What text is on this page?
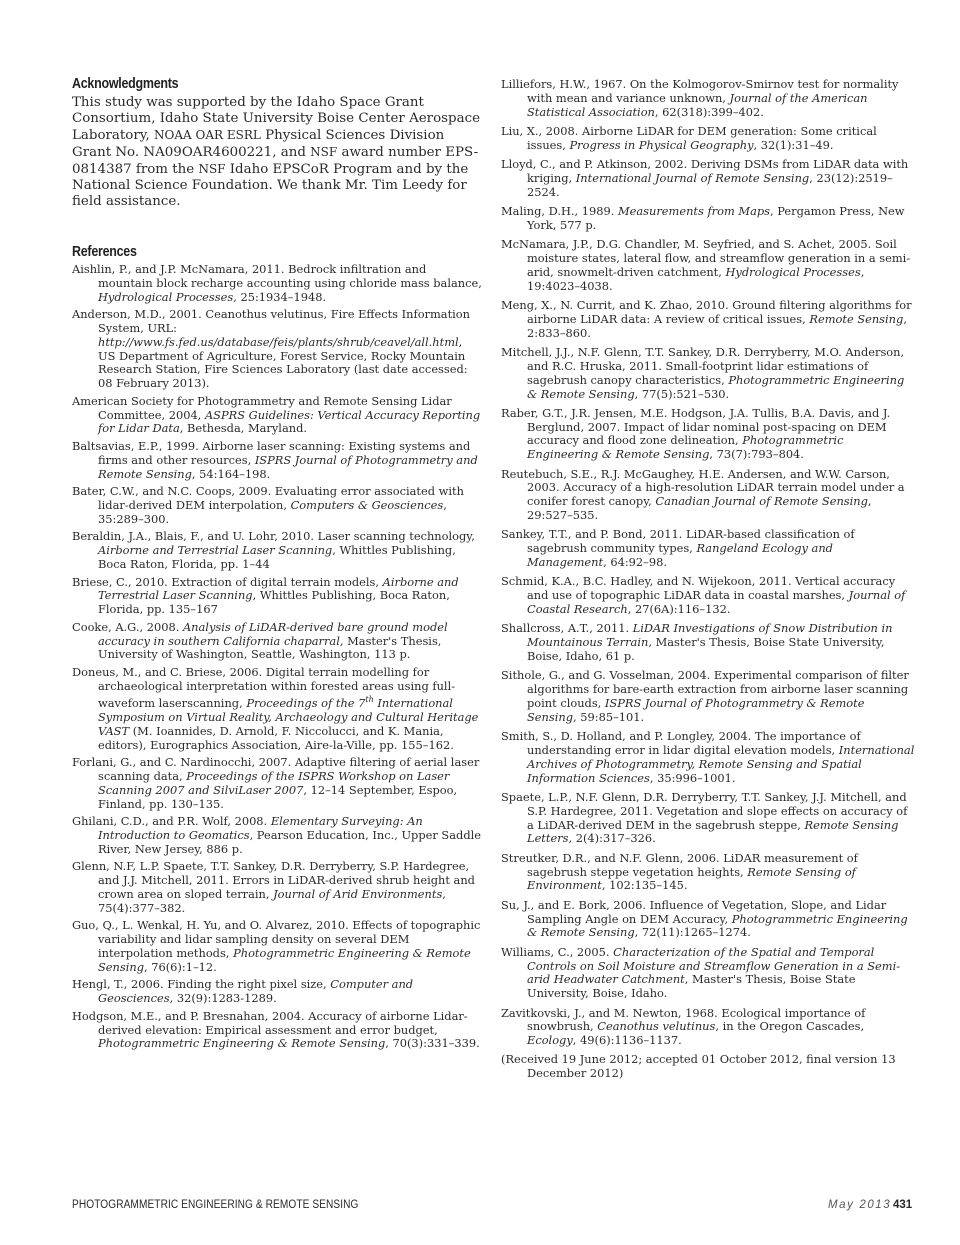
Acknowledgments

This study was supported by the Idaho Space Grant Consortium, Idaho State University Boise Center Aerospace Laboratory, NOAA OAR ESRL Physical Sciences Division Grant No. NA09OAR4600221, and NSF award number EPS-0814387 from the NSF Idaho EPSCoR Program and by the National Science Foundation. We thank Mr. Tim Leedy for field assistance.

References

Aishlin, P., and J.P. McNamara, 2011. Bedrock infiltration and mountain block recharge accounting using chloride mass balance, Hydrological Processes, 25:1934–1948.

Anderson, M.D., 2001. Ceanothus velutinus, Fire Effects Information System, URL: http://www.fs.fed.us/database/feis/plants/shrub/ceavel/all.html, US Department of Agriculture, Forest Service, Rocky Mountain Research Station, Fire Sciences Laboratory (last date accessed: 08 February 2013).

American Society for Photogrammetry and Remote Sensing Lidar Committee, 2004, ASPRS Guidelines: Vertical Accuracy Reporting for Lidar Data, Bethesda, Maryland.

Baltsavias, E.P., 1999. Airborne laser scanning: Existing systems and firms and other resources, ISPRS Journal of Photogrammetry and Remote Sensing, 54:164–198.

Bater, C.W., and N.C. Coops, 2009. Evaluating error associated with lidar-derived DEM interpolation, Computers & Geosciences, 35:289–300.

Beraldin, J.A., Blais, F., and U. Lohr, 2010. Laser scanning technology, Airborne and Terrestrial Laser Scanning, Whittles Publishing, Boca Raton, Florida, pp. 1–44

Briese, C., 2010. Extraction of digital terrain models, Airborne and Terrestrial Laser Scanning, Whittles Publishing, Boca Raton, Florida, pp. 135–167

Cooke, A.G., 2008. Analysis of LiDAR-derived bare ground model accuracy in southern California chaparral, Master's Thesis, University of Washington, Seattle, Washington, 113 p.

Doneus, M., and C. Briese, 2006. Digital terrain modelling for archaeological interpretation within forested areas using full-waveform laserscanning, Proceedings of the 7th International Symposium on Virtual Reality, Archaeology and Cultural Heritage VAST (M. Ioannides, D. Arnold, F. Niccolucci, and K. Mania, editors), Eurographics Association, Aire-la-Ville, pp. 155–162.

Forlani, G., and C. Nardinocchi, 2007. Adaptive filtering of aerial laser scanning data, Proceedings of the ISPRS Workshop on Laser Scanning 2007 and SilviLaser 2007, 12–14 September, Espoo, Finland, pp. 130–135.

Ghilani, C.D., and P.R. Wolf, 2008. Elementary Surveying: An Introduction to Geomatics, Pearson Education, Inc., Upper Saddle River, New Jersey, 886 p.

Glenn, N.F, L.P. Spaete, T.T. Sankey, D.R. Derryberry, S.P. Hardegree, and J.J. Mitchell, 2011. Errors in LiDAR-derived shrub height and crown area on sloped terrain, Journal of Arid Environments, 75(4):377–382.

Guo, Q., L. Wenkal, H. Yu, and O. Alvarez, 2010. Effects of topographic variability and lidar sampling density on several DEM interpolation methods, Photogrammetric Engineering & Remote Sensing, 76(6):1–12.

Hengl, T., 2006. Finding the right pixel size, Computer and Geosciences, 32(9):1283-1289.

Hodgson, M.E., and P. Bresnahan, 2004. Accuracy of airborne Lidar-derived elevation: Empirical assessment and error budget, Photogrammetric Engineering & Remote Sensing, 70(3):331–339.

Lilliefors, H.W., 1967. On the Kolmogorov-Smirnov test for normality with mean and variance unknown, Journal of the American Statistical Association, 62(318):399–402.

Liu, X., 2008. Airborne LiDAR for DEM generation: Some critical issues, Progress in Physical Geography, 32(1):31–49.

Lloyd, C., and P. Atkinson, 2002. Deriving DSMs from LiDAR data with kriging, International Journal of Remote Sensing, 23(12):2519–2524.

Maling, D.H., 1989. Measurements from Maps, Pergamon Press, New York, 577 p.

McNamara, J.P., D.G. Chandler, M. Seyfried, and S. Achet, 2005. Soil moisture states, lateral flow, and streamflow generation in a semi-arid, snowmelt-driven catchment, Hydrological Processes, 19:4023–4038.

Meng, X., N. Currit, and K. Zhao, 2010. Ground filtering algorithms for airborne LiDAR data: A review of critical issues, Remote Sensing, 2:833–860.

Mitchell, J.J., N.F. Glenn, T.T. Sankey, D.R. Derryberry, M.O. Anderson, and R.C. Hruska, 2011. Small-footprint lidar estimations of sagebrush canopy characteristics, Photogrammetric Engineering & Remote Sensing, 77(5):521–530.

Raber, G.T., J.R. Jensen, M.E. Hodgson, J.A. Tullis, B.A. Davis, and J. Berglund, 2007. Impact of lidar nominal post-spacing on DEM accuracy and flood zone delineation, Photogrammetric Engineering & Remote Sensing, 73(7):793–804.

Reutebuch, S.E., R.J. McGaughey, H.E. Andersen, and W.W. Carson, 2003. Accuracy of a high-resolution LiDAR terrain model under a conifer forest canopy, Canadian Journal of Remote Sensing, 29:527–535.

Sankey, T.T., and P. Bond, 2011. LiDAR-based classification of sagebrush community types, Rangeland Ecology and Management, 64:92–98.

Schmid, K.A., B.C. Hadley, and N. Wijekoon, 2011. Vertical accuracy and use of topographic LiDAR data in coastal marshes, Journal of Coastal Research, 27(6A):116–132.

Shallcross, A.T., 2011. LiDAR Investigations of Snow Distribution in Mountainous Terrain, Master's Thesis, Boise State University, Boise, Idaho, 61 p.

Sithole, G., and G. Vosselman, 2004. Experimental comparison of filter algorithms for bare-earth extraction from airborne laser scanning point clouds, ISPRS Journal of Photogrammetry & Remote Sensing, 59:85–101.

Smith, S., D. Holland, and P. Longley, 2004. The importance of understanding error in lidar digital elevation models, International Archives of Photogrammetry, Remote Sensing and Spatial Information Sciences, 35:996–1001.

Spaete, L.P., N.F. Glenn, D.R. Derryberry, T.T. Sankey, J.J. Mitchell, and S.P. Hardegree, 2011. Vegetation and slope effects on accuracy of a LiDAR-derived DEM in the sagebrush steppe, Remote Sensing Letters, 2(4):317–326.

Streutker, D.R., and N.F. Glenn, 2006. LiDAR measurement of sagebrush steppe vegetation heights, Remote Sensing of Environment, 102:135–145.

Su, J., and E. Bork, 2006. Influence of Vegetation, Slope, and Lidar Sampling Angle on DEM Accuracy, Photogrammetric Engineering & Remote Sensing, 72(11):1265–1274.

Williams, C., 2005. Characterization of the Spatial and Temporal Controls on Soil Moisture and Streamflow Generation in a Semi-arid Headwater Catchment, Master's Thesis, Boise State University, Boise, Idaho.

Zavitkovski, J., and M. Newton, 1968. Ecological importance of snowbrush, Ceanothus velutinus, in the Oregon Cascades, Ecology, 49(6):1136–1137.

(Received 19 June 2012; accepted 01 October 2012, final version 13 December 2012)

PHOTOGRAMMETRIC ENGINEERING & REMOTE SENSING	May 2013 431
